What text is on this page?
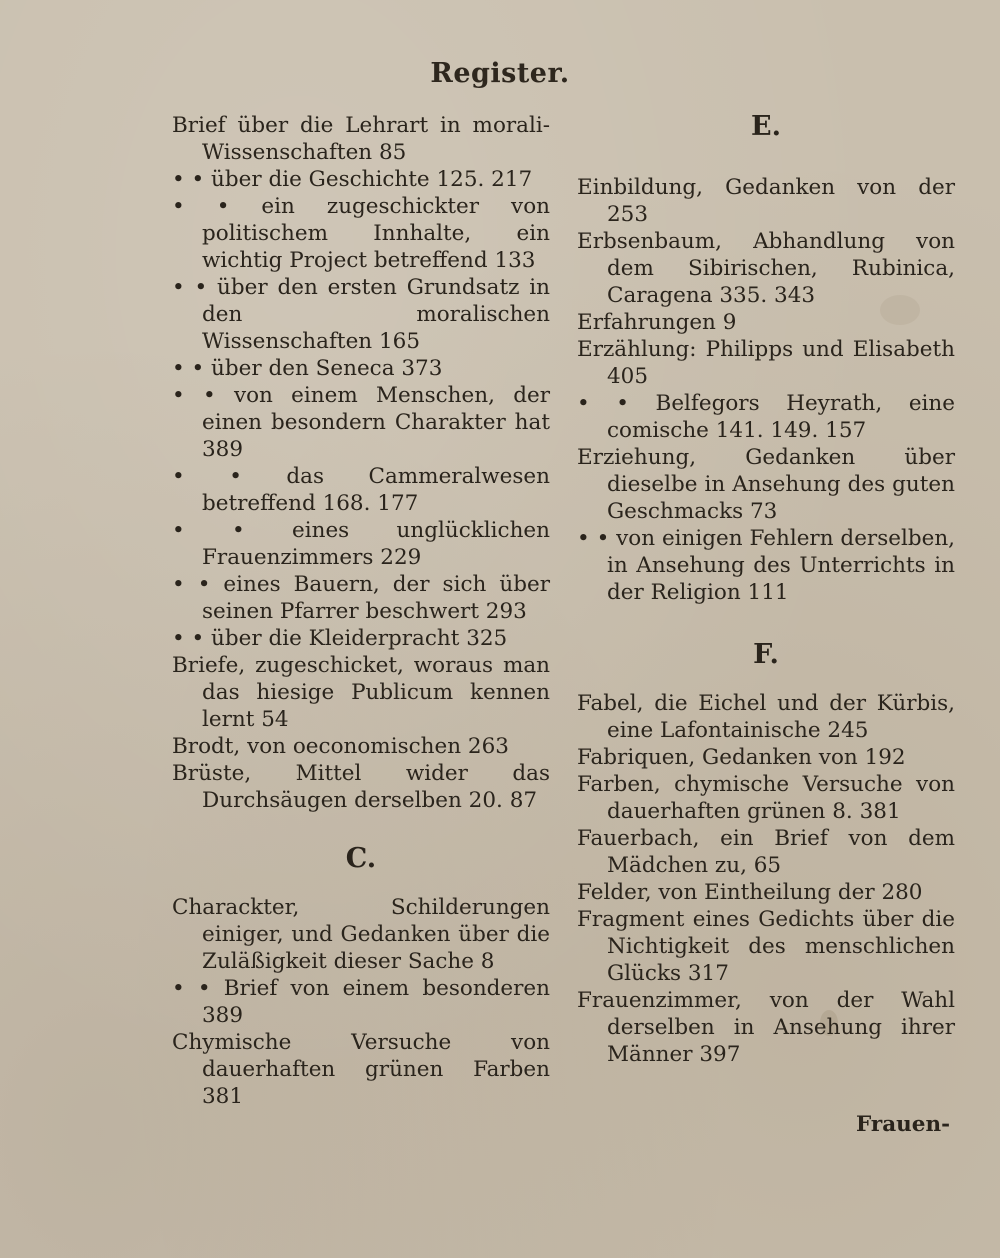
Register.
Brief über die Lehrart in morali- Wissenschaften 85
• • über die Geschichte 125. 217
• • ein zugeschickter von politischem Innhalte, ein wichtig Project betreffend 133
• • über den ersten Grundsatz in den moralischen Wissenschaften 165
• • über den Seneca 373
• • von einem Menschen, der einen besondern Charakter hat 389
• • das Cammeralwesen betreffend 168. 177
• • eines unglücklichen Frauenzimmers 229
• • eines Bauern, der sich über seinen Pfarrer beschwert 293
• • über die Kleiderpracht 325
Briefe, zugeschicket, woraus man das hiesige Publicum kennen lernt 54
Brodt, von oeconomischen 263
Brüste, Mittel wider das Durchsäugen derselben 20. 87
C.
Charackter, Schilderungen einiger, und Gedanken über die Zuläßigkeit dieser Sache 8
• • Brief von einem besonderen 389
Chymische Versuche von dauerhaften grünen Farben 381
E.
Einbildung, Gedanken von der 253
Erbsenbaum, Abhandlung von dem Sibirischen, Rubinica, Caragena 335. 343
Erfahrungen 9
Erzählung: Philipps und Elisabeth 405
• • Belfegors Heyrath, eine comische 141. 149. 157
Erziehung, Gedanken über dieselbe in Ansehung des guten Geschmacks 73
• • von einigen Fehlern derselben, in Ansehung des Unterrichts in der Religion 111
F.
Fabel, die Eichel und der Kürbis, eine Lafontainische 245
Fabriquen, Gedanken von 192
Farben, chymische Versuche von dauerhaften grünen 8. 381
Fauerbach, ein Brief von dem Mädchen zu, 65
Felder, von Eintheilung der 280
Fragment eines Gedichts über die Nichtigkeit des menschlichen Glücks 317
Frauenzimmer, von der Wahl derselben in Ansehung ihrer Männer 397
Frauen-
